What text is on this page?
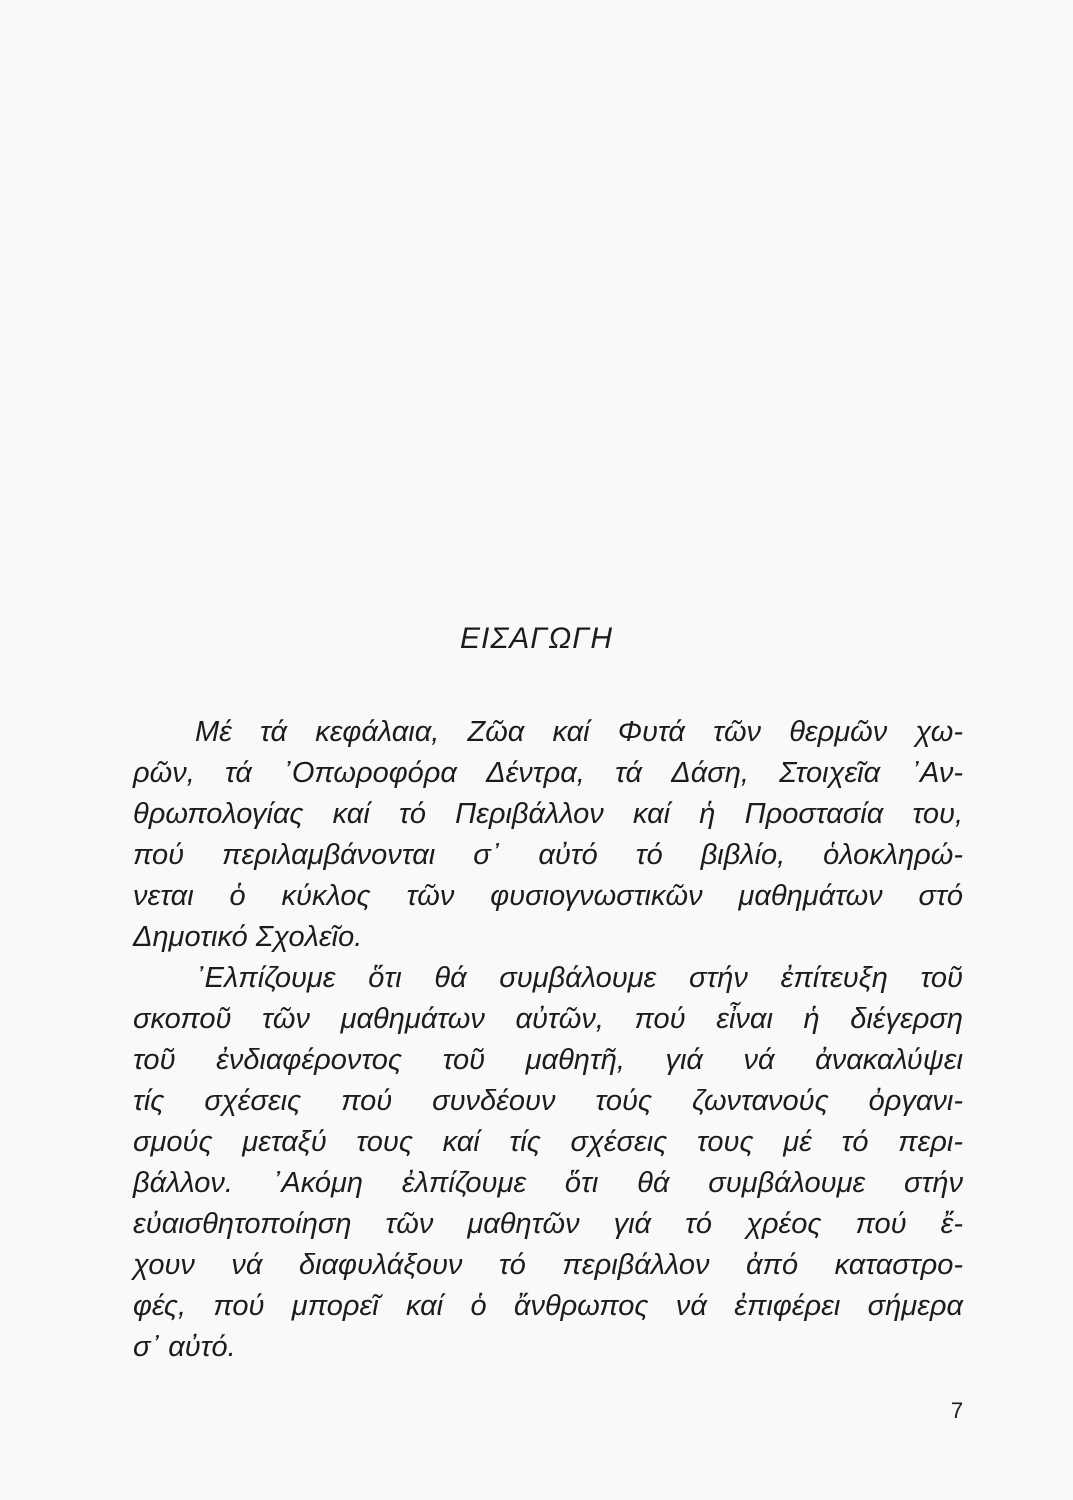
ΕΙΣΑΓΩΓΗ
Μέ τά κεφάλαια, Ζῶα καί Φυτά τῶν θερμῶν χω-
ρῶν, τά ᾿Οπωροφόρα Δέντρα, τά Δάση, Στοιχεῖα ᾿Αν-
θρωπολογίας καί τό Περιβάλλον καί ἡ Προστασία του,
πού περιλαμβάνονται σ᾿ αὐτό τό βιβλίο, ὁλοκληρώ-
νεται ὁ κύκλος τῶν φυσιογνωστικῶν μαθημάτων στό
Δημοτικό Σχολεῖο.
᾿Ελπίζουμε ὅτι θά συμβάλουμε στήν ἐπίτευξη τοῦ
σκοποῦ τῶν μαθημάτων αὐτῶν, πού εἶναι ἡ διέγερση
τοῦ ἐνδιαφέροντος τοῦ μαθητῆ, γιά νά ἀνακαλύψει
τίς σχέσεις πού συνδέουν τούς ζωντανούς ὀργανι-
σμούς μεταξύ τους καί τίς σχέσεις τους μέ τό περι-
βάλλον. ᾿Ακόμη ἐλπίζουμε ὅτι θά συμβάλουμε στήν
εὐαισθητοποίηση τῶν μαθητῶν γιά τό χρέος πού ἔ-
χουν νά διαφυλάξουν τό περιβάλλον ἀπό καταστρο-
φές, πού μπορεῖ καί ὁ ἄνθρωπος νά ἐπιφέρει σήμερα
σ᾿ αὐτό.
7
